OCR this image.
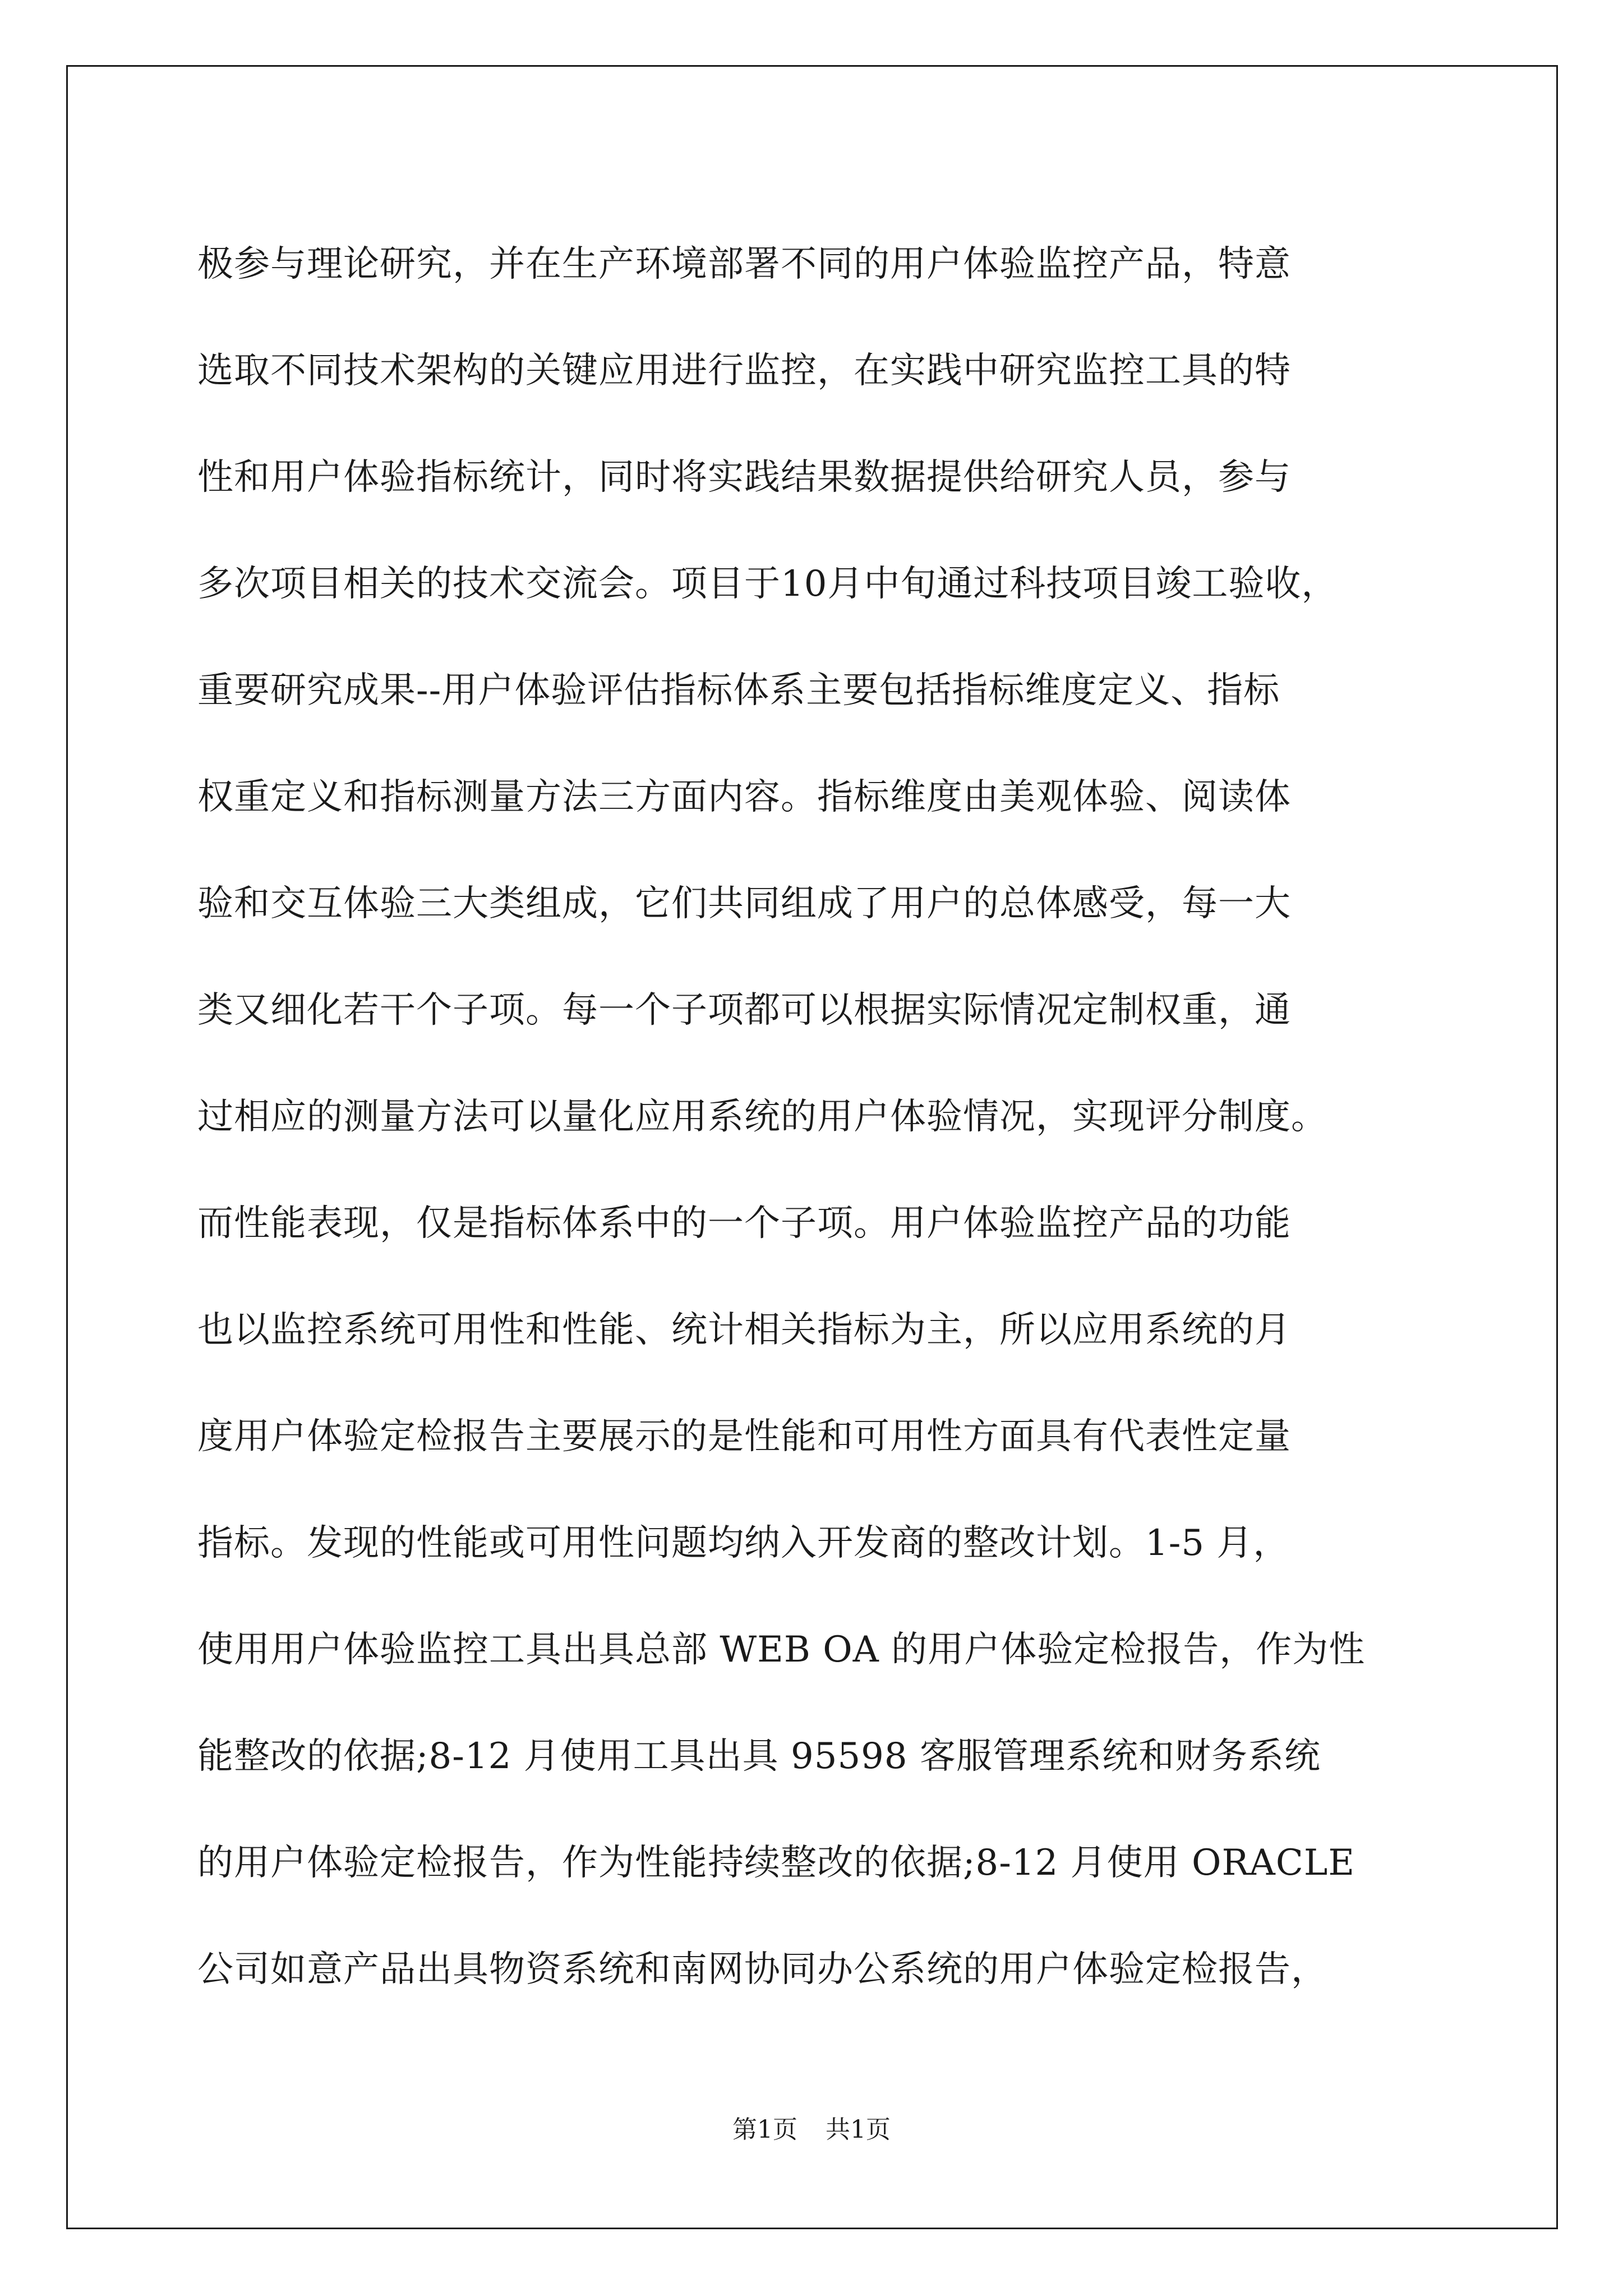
极参与理论研究，并在生产环境部署不同的用户体验监控产品，特意
选取不同技术架构的关键应用进行监控，在实践中研究监控工具的特
性和用户体验指标统计，同时将实践结果数据提供给研究人员，参与
多次项目相关的技术交流会。项目于10月中旬通过科技项目竣工验收，
重要研究成果--用户体验评估指标体系主要包括指标维度定义、指标
权重定义和指标测量方法三方面内容。指标维度由美观体验、阅读体
验和交互体验三大类组成，它们共同组成了用户的总体感受，每一大
类又细化若干个子项。每一个子项都可以根据实际情况定制权重，通
过相应的测量方法可以量化应用系统的用户体验情况，实现评分制度。
而性能表现，仅是指标体系中的一个子项。用户体验监控产品的功能
也以监控系统可用性和性能、统计相关指标为主，所以应用系统的月
度用户体验定检报告主要展示的是性能和可用性方面具有代表性定量
指标。发现的性能或可用性问题均纳入开发商的整改计划。1-5 月，
使用用户体验监控工具出具总部 WEB OA 的用户体验定检报告，作为性
能整改的依据;8-12 月使用工具出具 95598 客服管理系统和财务系统
的用户体验定检报告，作为性能持续整改的依据;8-12 月使用 ORACLE
公司如意产品出具物资系统和南网协同办公系统的用户体验定检报告，
第1页 共1页
